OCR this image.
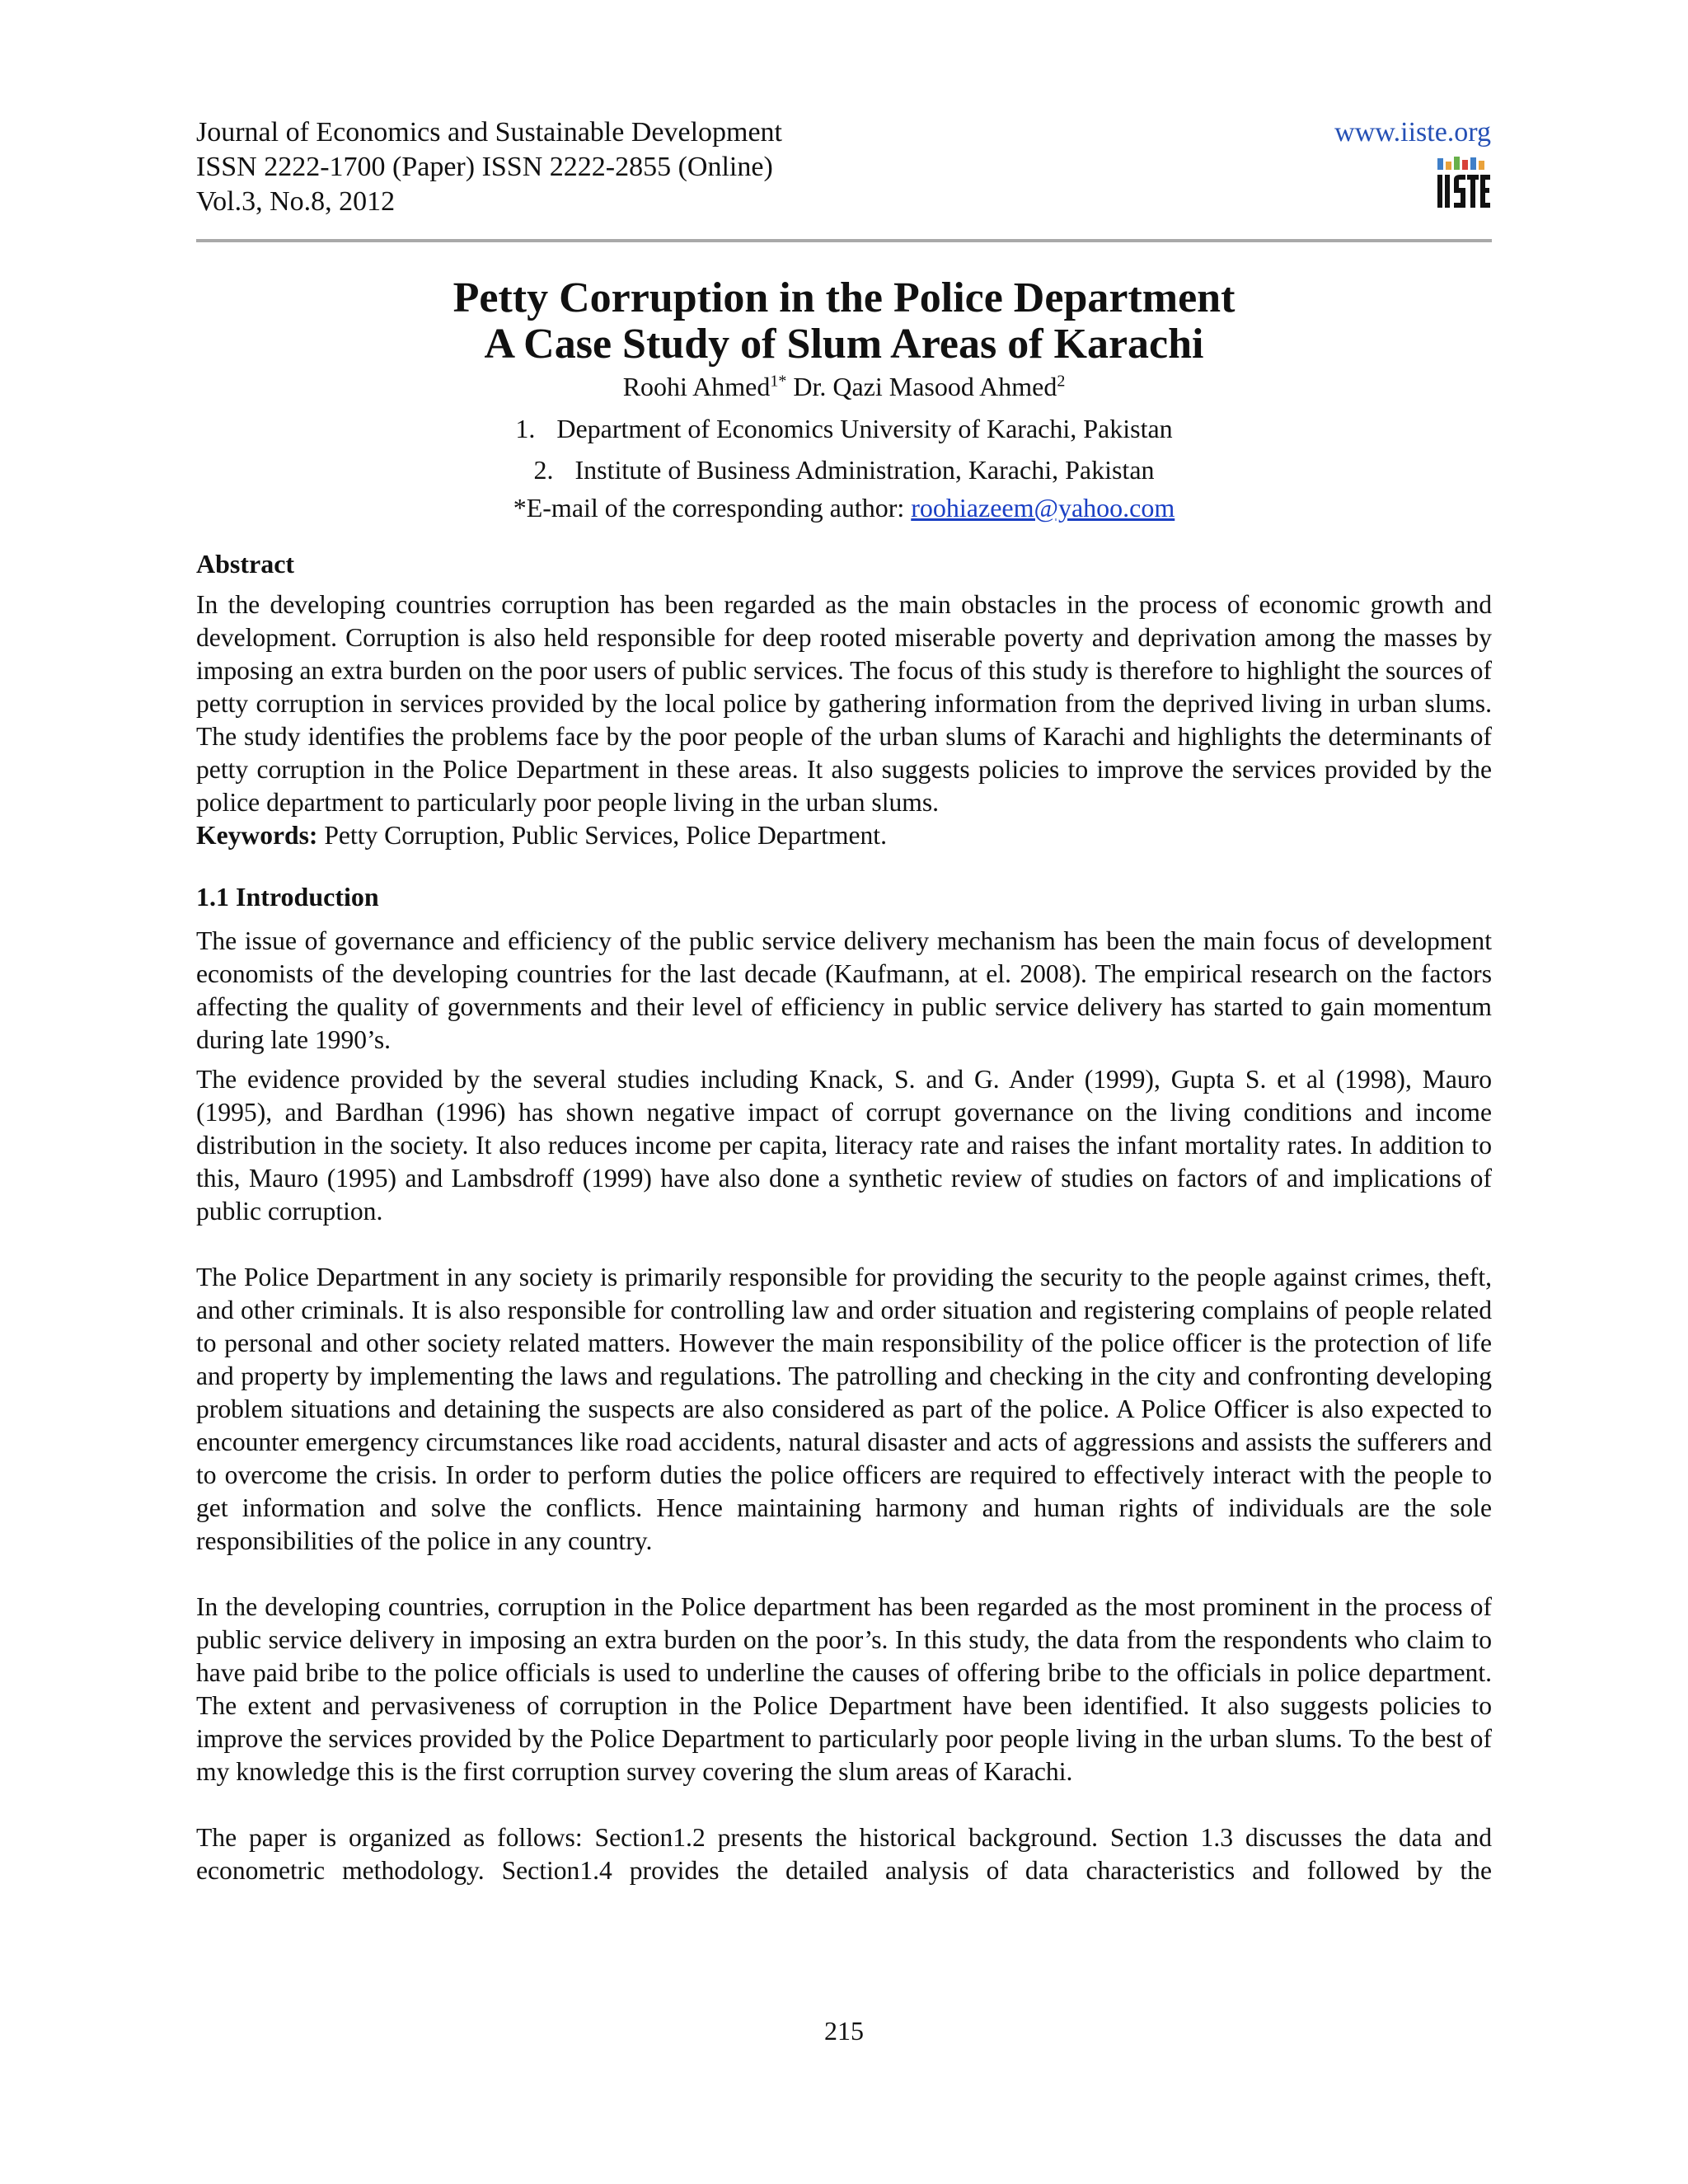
Journal of Economics and Sustainable Development
ISSN 2222-1700 (Paper) ISSN 2222-2855 (Online)
Vol.3, No.8, 2012
www.iiste.org
Petty Corruption in the Police Department
A Case Study of Slum Areas of Karachi
Roohi Ahmed$^{1*}$ Dr. Qazi Masood Ahmed$^2$
1. Department of Economics University of Karachi, Pakistan
2. Institute of Business Administration, Karachi, Pakistan
*E-mail of the corresponding author: roohiazeem@yahoo.com
Abstract

In the developing countries corruption has been regarded as the main obstacles in the process of economic growth and development. Corruption is also held responsible for deep rooted miserable poverty and deprivation among the masses by imposing an extra burden on the poor users of public services. The focus of this study is therefore to highlight the sources of petty corruption in services provided by the local police by gathering information from the deprived living in urban slums. The study identifies the problems face by the poor people of the urban slums of Karachi and highlights the determinants of petty corruption in the Police Department in these areas. It also suggests policies to improve the services provided by the police department to particularly poor people living in the urban slums.

Keywords: Petty Corruption, Public Services, Police Department.

1.1 Introduction

The issue of governance and efficiency of the public service delivery mechanism has been the main focus of development economists of the developing countries for the last decade (Kaufmann, at el. 2008). The empirical research on the factors affecting the quality of governments and their level of efficiency in public service delivery has started to gain momentum during late 1990’s.

The evidence provided by the several studies including Knack, S. and G. Ander (1999), Gupta S. et al (1998), Mauro (1995), and Bardhan (1996) has shown negative impact of corrupt governance on the living conditions and income distribution in the society. It also reduces income per capita, literacy rate and raises the infant mortality rates. In addition to this, Mauro (1995) and Lambsdroff (1999) have also done a synthetic review of studies on factors of and implications of public corruption.

The Police Department in any society is primarily responsible for providing the security to the people against crimes, theft, and other criminals. It is also responsible for controlling law and order situation and registering complains of people related to personal and other society related matters. However the main responsibility of the police officer is the protection of life and property by implementing the laws and regulations. The patrolling and checking in the city and confronting developing problem situations and detaining the suspects are also considered as part of the police. A Police Officer is also expected to encounter emergency circumstances like road accidents, natural disaster and acts of aggressions and assists the sufferers and to overcome the crisis. In order to perform duties the police officers are required to effectively interact with the people to get information and solve the conflicts. Hence maintaining harmony and human rights of individuals are the sole responsibilities of the police in any country.

In the developing countries, corruption in the Police department has been regarded as the most prominent in the process of public service delivery in imposing an extra burden on the poor’s. In this study, the data from the respondents who claim to have paid bribe to the police officials is used to underline the causes of offering bribe to the officials in police department. The extent and pervasiveness of corruption in the Police Department have been identified. It also suggests policies to improve the services provided by the Police Department to particularly poor people living in the urban slums. To the best of my knowledge this is the first corruption survey covering the slum areas of Karachi.

The paper is organized as follows: Section1.2 presents the historical background. Section 1.3 discusses the data and econometric methodology. Section1.4 provides the detailed analysis of data characteristics and followed by the

215
